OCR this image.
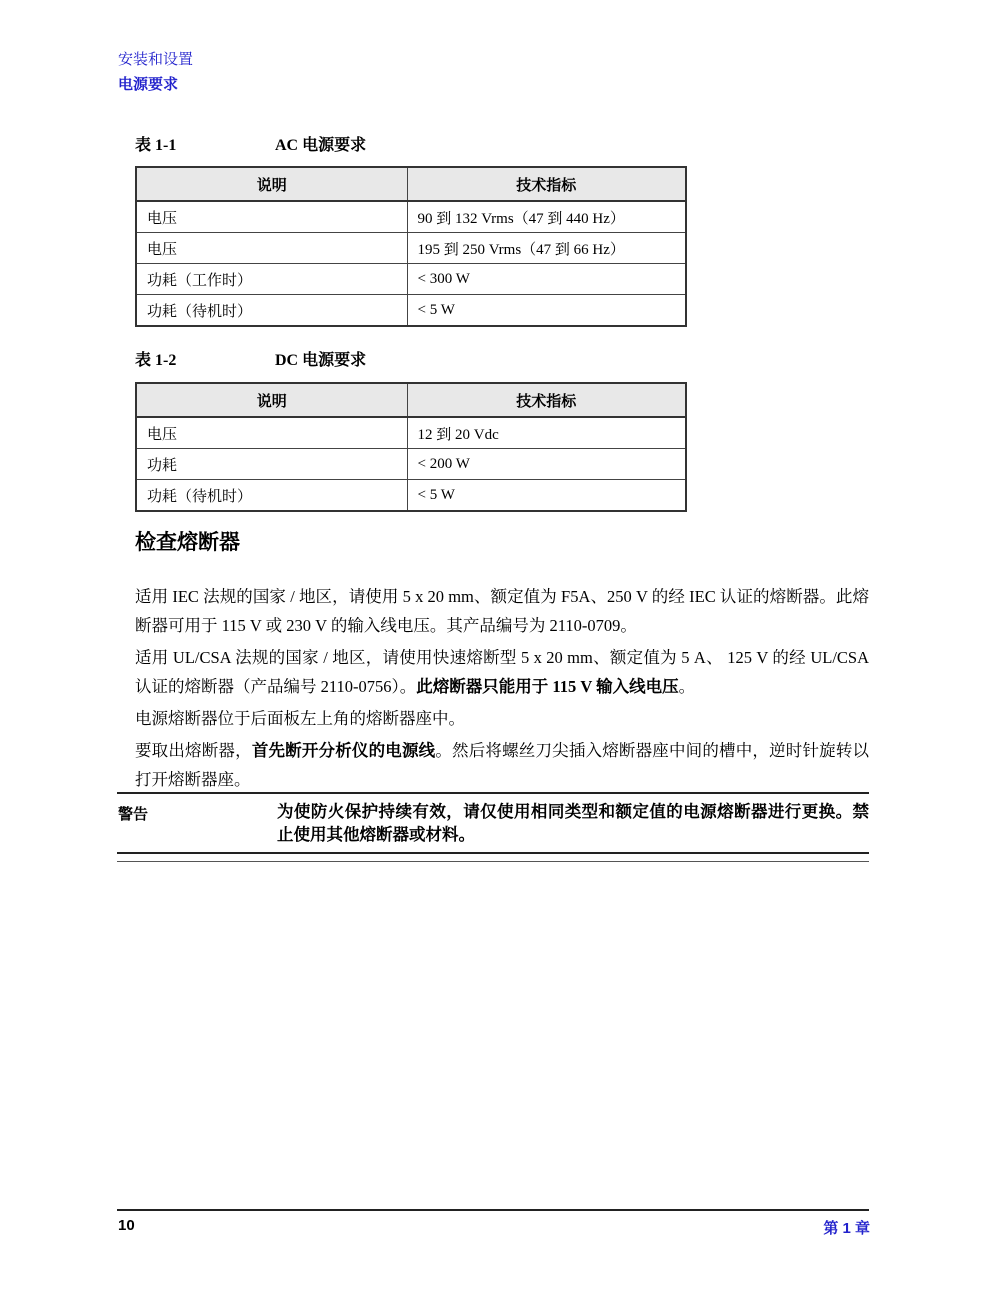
安装和设置
电源要求
表 1-1	AC 电源要求
说明	技术指标
电压	90 到 132 Vrms（47 到 440 Hz）
电压	195 到 250 Vrms（47 到 66 Hz）
功耗（工作时）	< 300 W
功耗（待机时）	< 5 W
表 1-2	DC 电源要求
说明	技术指标
电压	12 到 20 Vdc
功耗	< 200 W
功耗（待机时）	< 5 W
检查熔断器

适用 IEC 法规的国家 / 地区，请使用 5 x 20 mm、额定值为 F5A、250 V 的经 IEC 认证的熔断器。此熔断器可用于 115 V 或 230 V 的输入线电压。其产品编号为 2110-0709。

适用 UL/CSA 法规的国家 / 地区，请使用快速熔断型 5 x 20 mm、额定值为 5 A、 125 V 的经 UL/CSA 认证的熔断器（产品编号 2110-0756）。此熔断器只能用于 115 V 输入线电压。

电源熔断器位于后面板左上角的熔断器座中。

要取出熔断器，首先断开分析仪的电源线。然后将螺丝刀尖插入熔断器座中间的槽中，逆时针旋转以打开熔断器座。

警告	为使防火保护持续有效，请仅使用相同类型和额定值的电源熔断器进行更换。禁止使用其他熔断器或材料。
10	第 1 章
